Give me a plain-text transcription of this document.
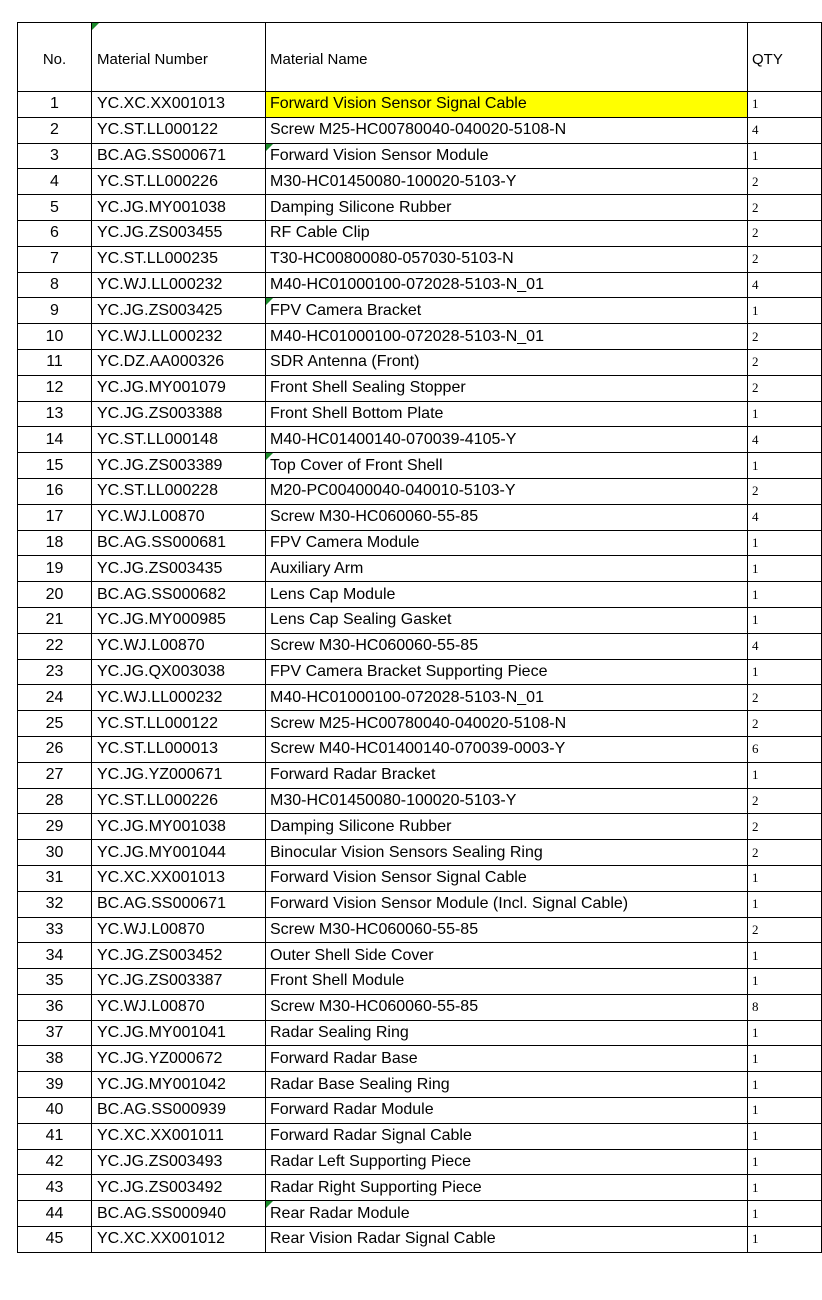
No.	Material Number	Material Name	QTY
1	YC.XC.XX001013	Forward Vision Sensor Signal Cable	1
2	YC.ST.LL000122	Screw M25-HC00780040-040020-5108-N	4
3	BC.AG.SS000671	Forward Vision Sensor Module	1
4	YC.ST.LL000226	M30-HC01450080-100020-5103-Y	2
5	YC.JG.MY001038	Damping Silicone Rubber	2
6	YC.JG.ZS003455	RF Cable Clip	2
7	YC.ST.LL000235	T30-HC00800080-057030-5103-N	2
8	YC.WJ.LL000232	M40-HC01000100-072028-5103-N_01	4
9	YC.JG.ZS003425	FPV Camera Bracket	1
10	YC.WJ.LL000232	M40-HC01000100-072028-5103-N_01	2
11	YC.DZ.AA000326	SDR Antenna (Front)	2
12	YC.JG.MY001079	Front Shell Sealing Stopper	2
13	YC.JG.ZS003388	Front Shell Bottom Plate	1
14	YC.ST.LL000148	M40-HC01400140-070039-4105-Y	4
15	YC.JG.ZS003389	Top Cover of Front Shell	1
16	YC.ST.LL000228	M20-PC00400040-040010-5103-Y	2
17	YC.WJ.L00870	Screw M30-HC060060-55-85	4
18	BC.AG.SS000681	FPV Camera Module	1
19	YC.JG.ZS003435	Auxiliary Arm	1
20	BC.AG.SS000682	Lens Cap Module	1
21	YC.JG.MY000985	Lens Cap Sealing Gasket	1
22	YC.WJ.L00870	Screw M30-HC060060-55-85	4
23	YC.JG.QX003038	FPV Camera Bracket Supporting Piece	1
24	YC.WJ.LL000232	M40-HC01000100-072028-5103-N_01	2
25	YC.ST.LL000122	Screw M25-HC00780040-040020-5108-N	2
26	YC.ST.LL000013	Screw M40-HC01400140-070039-0003-Y	6
27	YC.JG.YZ000671	Forward Radar Bracket	1
28	YC.ST.LL000226	M30-HC01450080-100020-5103-Y	2
29	YC.JG.MY001038	Damping Silicone Rubber	2
30	YC.JG.MY001044	Binocular Vision Sensors Sealing Ring	2
31	YC.XC.XX001013	Forward Vision Sensor Signal Cable	1
32	BC.AG.SS000671	Forward Vision Sensor Module (Incl. Signal Cable)	1
33	YC.WJ.L00870	Screw M30-HC060060-55-85	2
34	YC.JG.ZS003452	Outer Shell Side Cover	1
35	YC.JG.ZS003387	Front Shell Module	1
36	YC.WJ.L00870	Screw M30-HC060060-55-85	8
37	YC.JG.MY001041	Radar Sealing Ring	1
38	YC.JG.YZ000672	Forward Radar Base	1
39	YC.JG.MY001042	Radar Base Sealing Ring	1
40	BC.AG.SS000939	Forward Radar Module	1
41	YC.XC.XX001011	Forward Radar Signal Cable	1
42	YC.JG.ZS003493	Radar Left Supporting Piece	1
43	YC.JG.ZS003492	Radar Right Supporting Piece	1
44	BC.AG.SS000940	Rear Radar Module	1
45	YC.XC.XX001012	Rear Vision Radar Signal Cable	1
